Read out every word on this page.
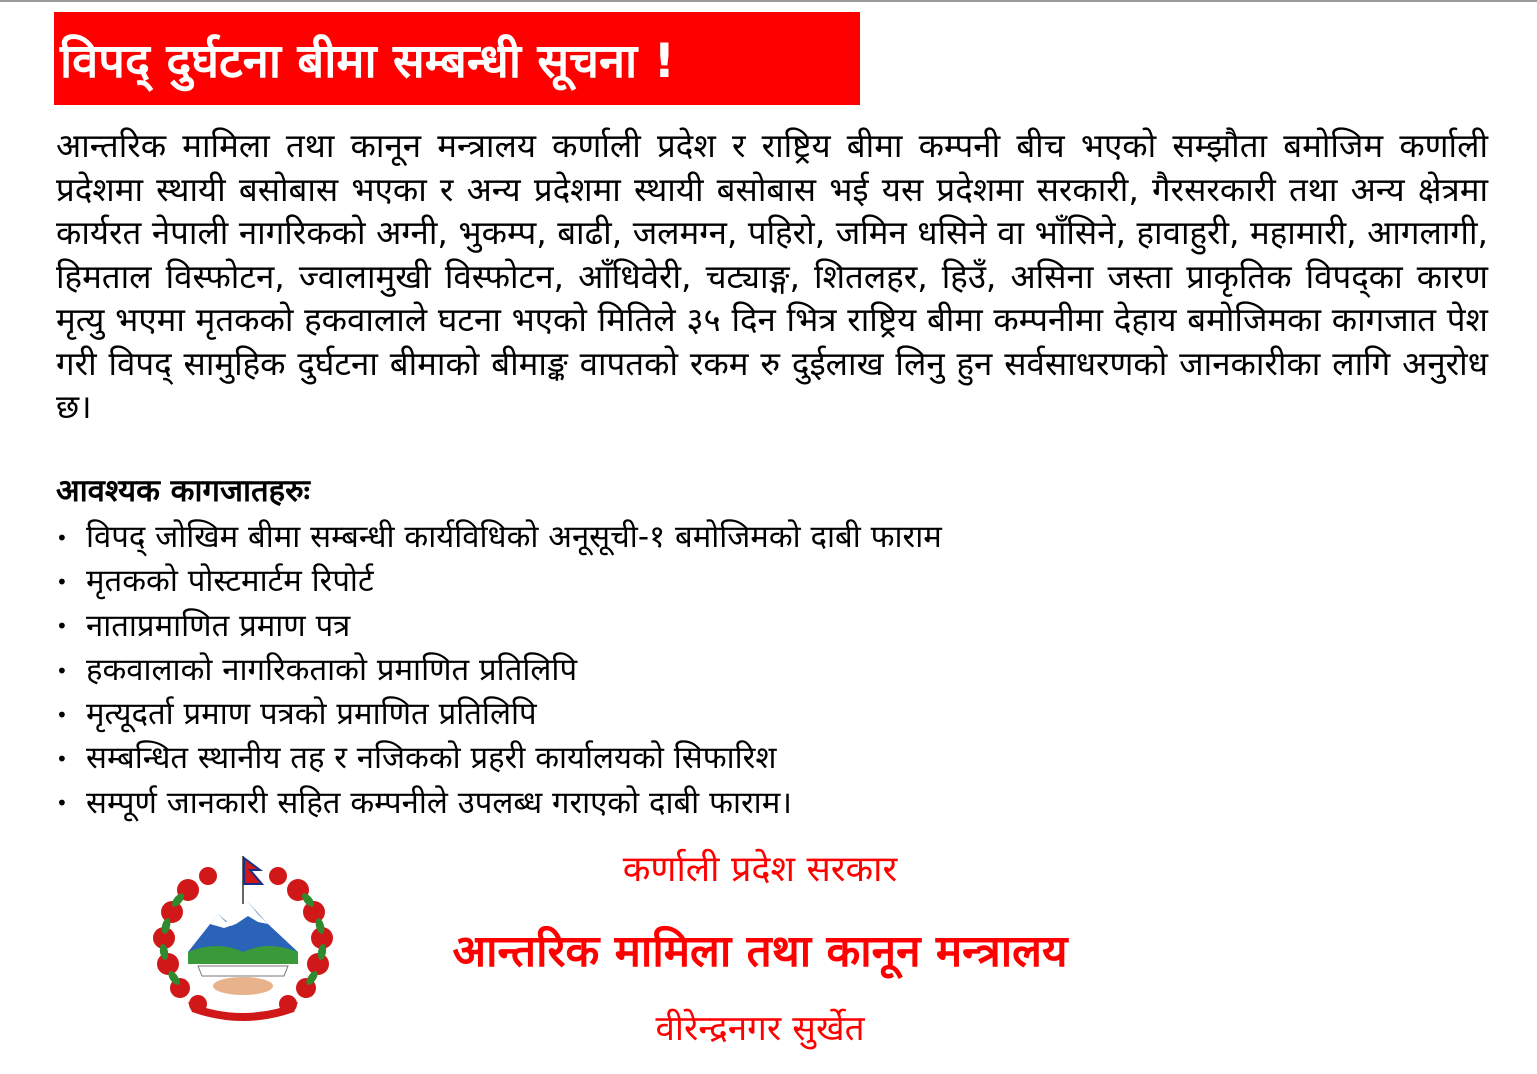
विपद् दुर्घटना बीमा सम्बन्धी सूचना !
आन्तरिक मामिला तथा कानून मन्त्रालय कर्णाली प्रदेश र राष्ट्रिय बीमा कम्पनी बीच भएको सम्झौता बमोजिम कर्णाली प्रदेशमा स्थायी बसोबास भएका र अन्य प्रदेशमा स्थायी बसोबास भई यस प्रदेशमा सरकारी, गैरसरकारी तथा अन्य क्षेत्रमा कार्यरत नेपाली नागरिकको अग्नी, भुकम्प, बाढी, जलमग्न, पहिरो, जमिन धसिने वा भाँसिने, हावाहुरी, महामारी, आगलागी, हिमताल विस्फोटन, ज्वालामुखी विस्फोटन, आँधिवेरी, चट्याङ्ग, शितलहर, हिउँ, असिना जस्ता प्राकृतिक विपद्का कारण मृत्यु भएमा मृतकको हकवालाले घटना भएको मितिले ३५ दिन भित्र राष्ट्रिय बीमा कम्पनीमा देहाय बमोजिमका कागजात पेश गरी विपद् सामुहिक दुर्घटना बीमाको बीमाङ्क वापतको रकम रु दुईलाख लिनु हुन सर्वसाधरणको जानकारीका लागि अनुरोध छ।
आवश्यक कागजातहरुः
• विपद् जोखिम बीमा सम्बन्धी कार्यविधिको अनूसूची-१ बमोजिमको दाबी फाराम
• मृतकको पोस्टमार्टम रिपोर्ट
• नाताप्रमाणित प्रमाण पत्र
• हकवालाको नागरिकताको प्रमाणित प्रतिलिपि
• मृत्यूदर्ता प्रमाण पत्रको प्रमाणित प्रतिलिपि
• सम्बन्धित स्थानीय तह र नजिकको प्रहरी कार्यालयको सिफारिश
• सम्पूर्ण जानकारी सहित कम्पनीले उपलब्ध गराएको दाबी फाराम।
कर्णाली प्रदेश सरकार
आन्तरिक मामिला तथा कानून मन्त्रालय
वीरेन्द्रनगर सुर्खेत
